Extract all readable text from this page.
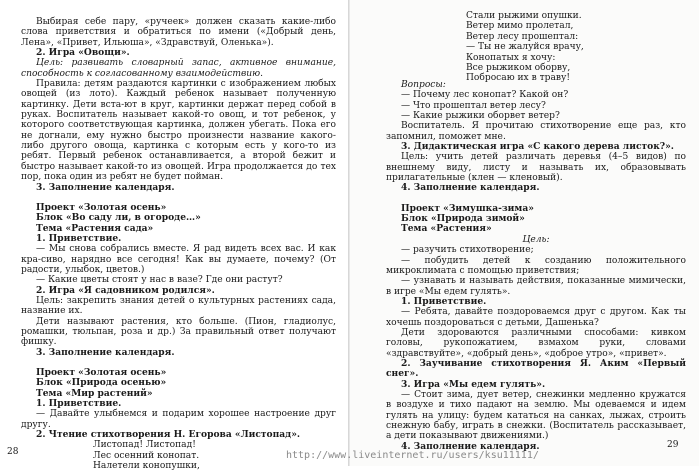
Выбирая себе пару, «ручеек» должен сказать какие-либо слова приветствия и обратиться по имени («Добрый день, Лена», «Привет, Ильюша», «Здравствуй, Оленька»).

2. Игра «Овощи».

Цель: развивать словарный запас, активное внимание, способность к согласованному взаимодействию.

Правила: детям раздаются картинки с изображением любых овощей (из лото). Каждый ребенок называет полученную картинку. Дети вста-ют в круг, картинки держат перед собой в руках. Воспитатель называет какой-то овощ, и тот ребенок, у которого соответствующая картинка, должен убегать. Пока его не догнали, ему нужно быстро произнести название какого-либо другого овоща, картинка с которым есть у кого-то из ребят. Первый ребенок останавливается, а второй бежит и быстро называет какой-то из овощей. Игра продолжается до тех пор, пока один из ребят не будет пойман.

3. Заполнение календаря.

Проект «Золотая осень»

Блок «Во саду ли, в огороде…»

Тема «Растения сада»

1. Приветствие.

— Мы снова собрались вместе. Я рад видеть всех вас. И как кра-сиво, нарядно все сегодня! Как вы думаете, почему? (От радости, улыбок, цветов.)

— Какие цветы стоят у нас в вазе? Где они растут?

2. Игра «Я садовником родился».

Цель: закрепить знания детей о культурных растениях сада, название их.

Дети называют растения, кто больше. (Пион, гладиолус, ромашки, тюльпан, роза и др.) За правильный ответ получают фишку.

3. Заполнение календаря.

Проект «Золотая осень»

Блок «Природа осенью»

Тема «Мир растений»

1. Приветствие.

— Давайте улыбнемся и подарим хорошее настроение друг другу.

2. Чтение стихотворения Н. Егорова «Листопад».

Листопад! Листопад!
Лес осенний конопат.
Налетели конопушки,
28
Стали рыжими опушки.
Ветер мимо пролетал,
Ветер лесу прошептал:
— Ты не жалуйся врачу,
Конопатых я хочу:
Все рыжиком оборву,
Побросаю их в траву!

Вопросы:

— Почему лес конопат? Какой он?

— Что прошептал ветер лесу?

— Какие рыжики оборвет ветер?

Воспитатель. Я прочитаю стихотворение еще раз, кто запомнил, поможет мне.

3. Дидактическая игра «С какого дерева листок?».

Цель: учить детей различать деревья (4–5 видов) по внешнему виду, листу и называть их, образовывать прилагательные (клен — кленовый).

4. Заполнение календаря.

Проект «Зимушка-зима»

Блок «Природа зимой»

Тема «Растения»

Цель:

— разучить стихотворение;

— побудить детей к созданию положительного микроклимата с помощью приветствия;

— узнавать и называть действия, показанные мимически, в игре «Мы едем гулять».

1. Приветствие.

— Ребята, давайте поздороваемся друг с другом. Как ты хочешь поздороваться с детьми, Дашенька?

Дети здороваются различными способами: кивком головы, рукопожатием, взмахом руки, словами «здравствуйте», «добрый день», «доброе утро», «привет».

2. Заучивание стихотворения Я. Аким «Первый снег».

3. Игра «Мы едем гулять».

— Стоит зима, дует ветер, снежинки медленно кружатся в воздухе и тихо падают на землю. Мы одеваемся и идем гулять на улицу: будем кататься на санках, лыжах, строить снежную бабу, играть в снежки. (Воспитатель рассказывает, а дети показывают движениями.)

4. Заполнение календаря.	29
http://www.liveinternet.ru/users/ksu11111/
